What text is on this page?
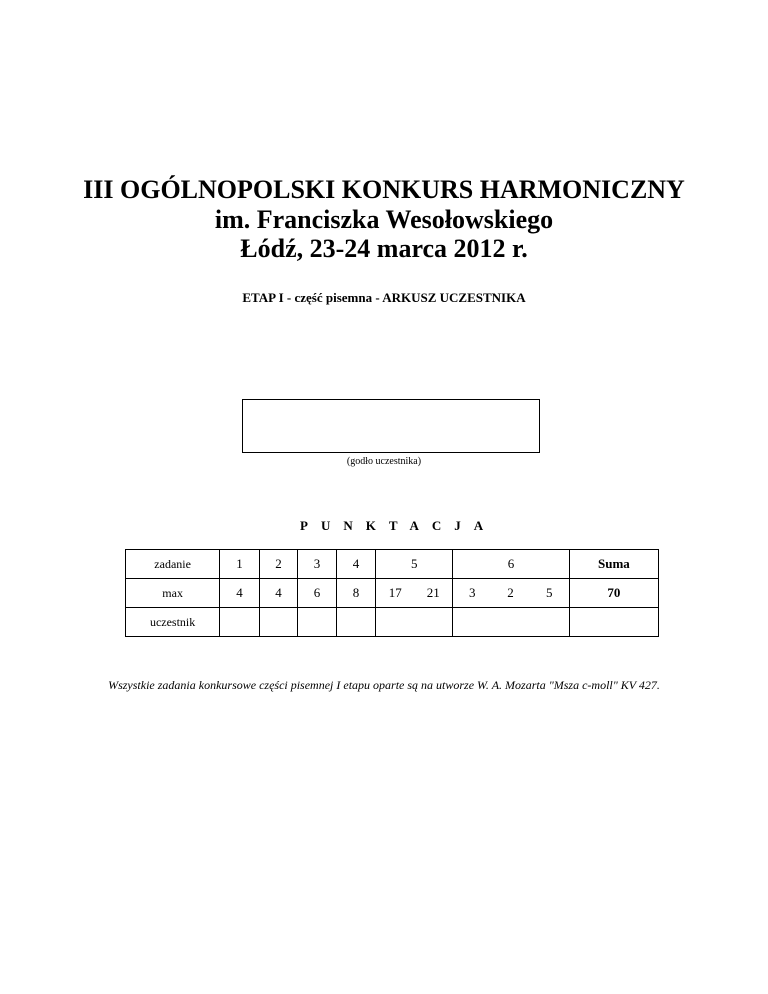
III OGÓLNOPOLSKI KONKURS HARMONICZNY
im. Franciszka Wesołowskiego
Łódź, 23-24 marca 2012 r.
ETAP I - część pisemna - ARKUSZ UCZESTNIKA
(godło uczestnika)
PUNKTACJA
zadanie	1	2	3	4	5		6			Suma
max	4	4	6	8	17	21	3	2	5	70
uczestnik										
Wszystkie zadania konkursowe części pisemnej I etapu oparte są na utworze W. A. Mozarta "Msza c-moll" KV 427.
